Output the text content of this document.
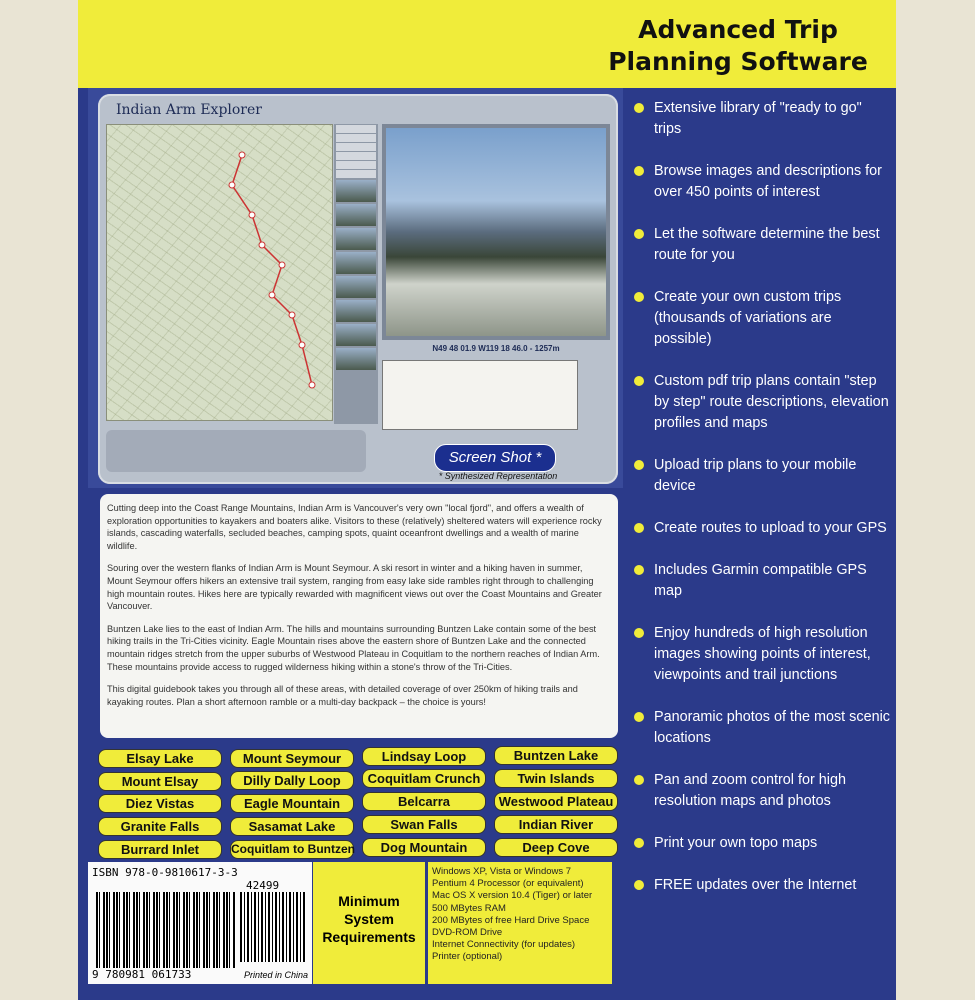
Advanced Trip
Planning Software
Indian Arm Explorer
N49 48 01.9 W119 18 46.0 - 1257m
Screen Shot *
* Synthesized Representation

Cutting deep into the Coast Range Mountains, Indian Arm is Vancouver's very own "local fjord", and offers a wealth of exploration opportunities to kayakers and boaters alike. Visitors to these (relatively) sheltered waters will experience rocky islands, cascading waterfalls, secluded beaches, camping spots, quaint oceanfront dwellings and a wealth of marine wildlife.

Souring over the western flanks of Indian Arm is Mount Seymour. A ski resort in winter and a hiking haven in summer, Mount Seymour offers hikers an extensive trail system, ranging from easy lake side rambles right through to challenging high mountain routes. Hikes here are typically rewarded with magnificent views out over the Coast Mountains and Greater Vancouver.

Buntzen Lake lies to the east of Indian Arm. The hills and mountains surrounding Buntzen Lake contain some of the best hiking trails in the Tri-Cities vicinity. Eagle Mountain rises above the eastern shore of Buntzen Lake and the connected mountain ridges stretch from the upper suburbs of Westwood Plateau in Coquitlam to the northern reaches of Indian Arm. These mountains provide access to rugged wilderness hiking within a stone's throw of the Tri-Cities.

This digital guidebook takes you through all of these areas, with detailed coverage of over 250km of hiking trails and kayaking routes. Plan a short afternoon ramble or a multi-day backpack – the choice is yours!

Elsay Lake	Mount Seymour	Lindsay Loop	Buntzen Lake
Mount Elsay	Dilly Dally Loop	Coquitlam Crunch	Twin Islands
Diez Vistas	Eagle Mountain	Belcarra	Westwood Plateau
Granite Falls	Sasamat Lake	Swan Falls	Indian River
Burrard Inlet	Coquitlam to Buntzen	Dog Mountain	Deep Cove
ISBN 978-0-9810617-3-3
42499
9 780981 061733	Printed in China
Minimum
System
Requirements
Windows XP, Vista or Windows 7
Pentium 4 Processor (or equivalent)
Mac OS X version 10.4 (Tiger) or later
500 MBytes RAM
200 MBytes of free Hard Drive Space
DVD-ROM Drive
Internet Connectivity (for updates)
Printer (optional)
Extensive library of "ready to go" trips
Browse images and descriptions for over 450 points of interest
Let the software determine the best route for you
Create your own custom trips (thousands of variations are possible)
Custom pdf trip plans contain "step by step" route descriptions, elevation profiles and maps
Upload trip plans to your mobile device
Create routes to upload to your GPS
Includes Garmin compatible GPS map
Enjoy hundreds of high resolution images showing points of interest, viewpoints and trail junctions
Panoramic photos of the most scenic locations
Pan and zoom control for high resolution maps and photos
Print your own topo maps
FREE updates over the Internet
